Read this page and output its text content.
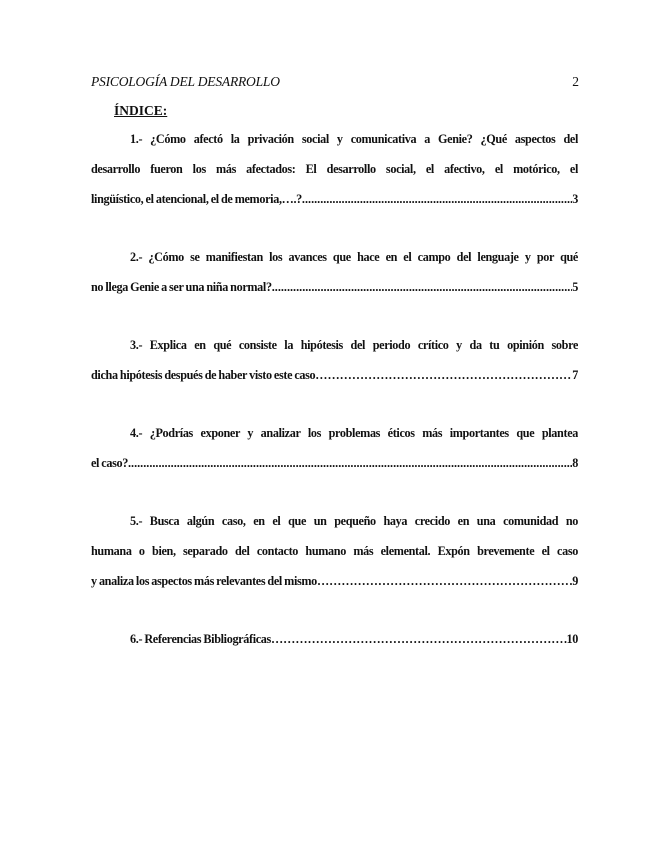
PSICOLOGÍA DEL DESARROLLO	2
ÍNDICE:
1.- ¿Cómo afectó la privación social y comunicativa a Genie? ¿Qué aspectos del
desarrollo fueron los más afectados: El desarrollo social, el afectivo, el motórico, el
lingüístico, el atencional, el de memoria,….? .....	3
2.- ¿Cómo se manifiestan los avances que hace en el campo del lenguaje y por qué
no llega Genie a ser una niña normal? .....	5
3.- Explica en qué consiste la hipótesis del periodo crítico y da tu opinión sobre
dicha hipótesis después de haber visto este caso ……………………………………………………………………………………………………………………………………………………………………………………………	7
4.- ¿Podrías exponer y analizar los problemas éticos más importantes que plantea
el caso? .....	8
5.- Busca algún caso, en el que un pequeño haya crecido en una comunidad no
humana o bien, separado del contacto humano más elemental. Expón brevemente el caso
y analiza los aspectos más relevantes del mismo ……………………………………………………………………………………………………………………………………………………………………………………………	9
6.- Referencias Bibliográficas ……………………………………………………………………………………………………………………………………………………………………………………………	10
